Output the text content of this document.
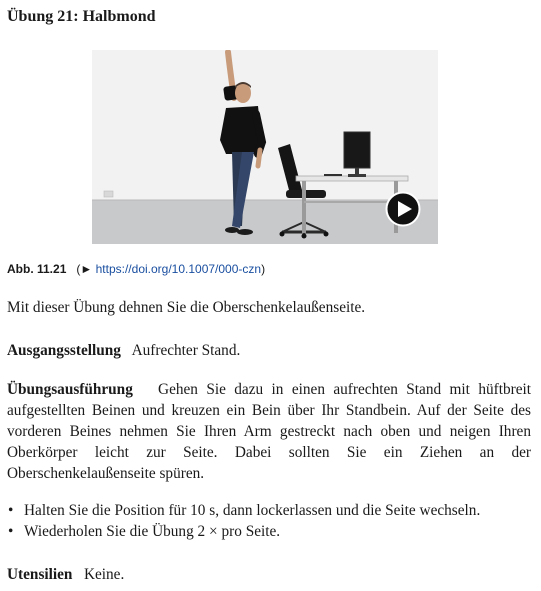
Übung 21: Halbmond
Abb. 11.21 (► https://doi.org/10.1007/000-czn)
Mit dieser Übung dehnen Sie die Oberschenkelaußenseite.
Ausgangsstellung Aufrechter Stand.
Übungsausführung Gehen Sie dazu in einen aufrechten Stand mit hüftbreit aufgestellten Beinen und kreuzen ein Bein über Ihr Standbein. Auf der Seite des vorderen Beines nehmen Sie Ihren Arm gestreckt nach oben und neigen Ihren Oberkörper leicht zur Seite. Dabei sollten Sie ein Ziehen an der Oberschenkelaußenseite spüren.
• Halten Sie die Position für 10 s, dann lockerlassen und die Seite wechseln.
• Wiederholen Sie die Übung 2 × pro Seite.
Utensilien Keine.
